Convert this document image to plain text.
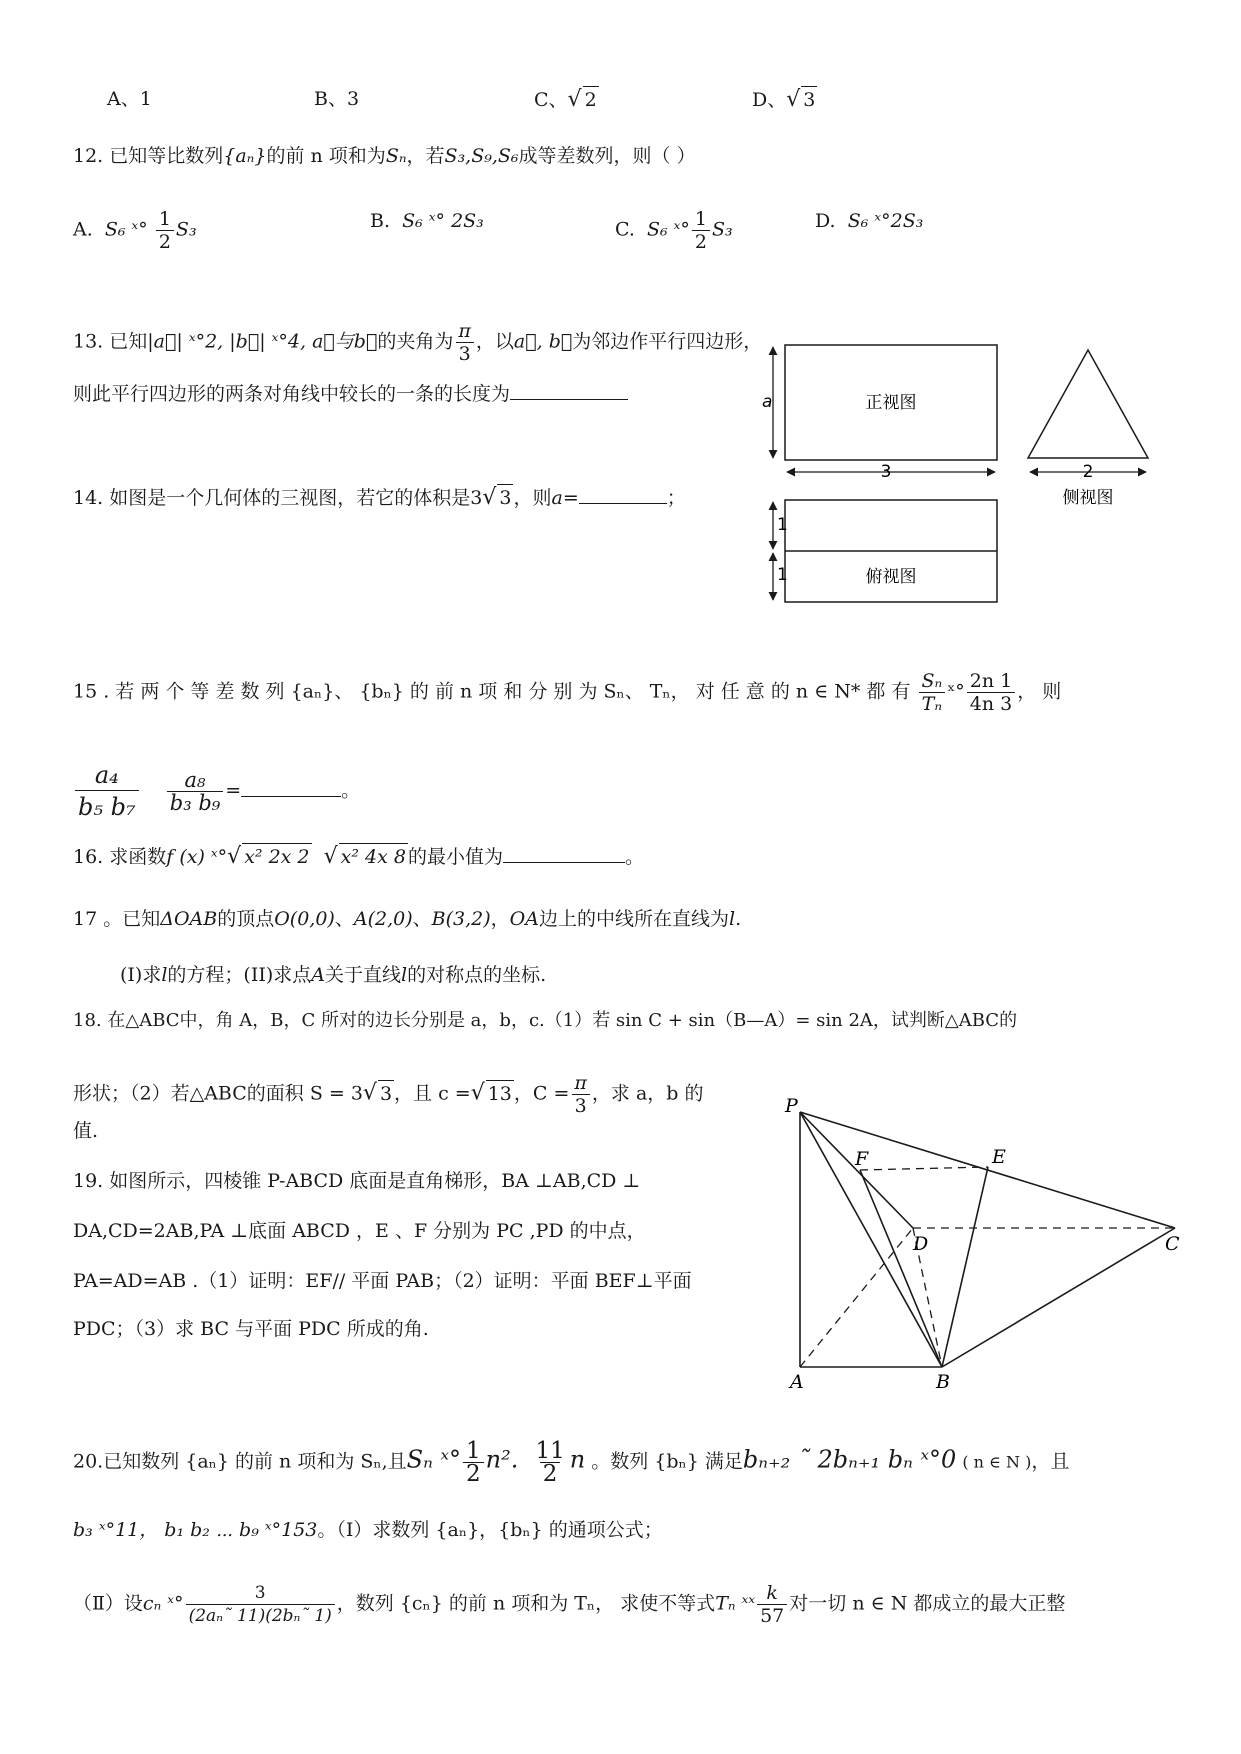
A、1	B、3	C、√ 2	D、√ 3
12. 已知等比数列{aₙ}的前 n 项和为Sₙ，若S₃,S₉,S₆成等差数列，则（ ）
A. S₆ ˣ° $\frac{1}{2} S_3$	B. S₆ ˣ° 2S₃	C. S₆ ˣ° $\frac{1}{2} S_3$	D. S₆ ˣ°2S₃
13. 已知|a⃗| ˣ°2, |b⃗| ˣ°4, a⃗与b⃗的夹角为 $\frac{\pi}{3}$ ，以a⃗, b⃗为邻边作平行四边形，
则此平行四边形的两条对角线中较长的一条的长度为
14. 如图是一个几何体的三视图，若它的体积是3√ 3 ，则a=	；
a
3
正视图
2
侧视图
1
1	俯视图
15 . 若 两 个 等 差 数 列 {aₙ}、 {bₙ} 的 前 n 项 和 分 别 为 Sₙ、 Tₙ， 对 任 意 的 n ∈ N* 都 有 $\frac{\text{Sₙ}}{\text{Tₙ}}$ ˣ° $\frac{2n 1}{4n 3}$ ， 则
$\frac{\text{a₄}}{\text{b₅ b₇}}$
$\frac{\text{a₈}}{\text{b₃ b₉}}$ =	。
16. 求函数f (x) ˣ°√ x² 2x 2 √ x² 4x 8 的最小值为	。
17 。已知ΔOAB的顶点O(0,0)、A(2,0)、B(3,2)，OA边上的中线所在直线为l.
(I)求l的方程；(II)求点A关于直线l的对称点的坐标.
18. 在△ABC中，角 A，B，C 所对的边长分别是 a，b，c.（1）若 sin C + sin（B—A）= sin 2A，试判断△ABC的
形状；（2）若△ABC的面积 S = 3√ 3 ，且 c =√ 13 ，$C = \frac{\pi}{3}$ ，求 a，b 的
值.
19. 如图所示，四棱锥 P-ABCD 底面是直角梯形，BA ⊥AB,CD ⊥
DA,CD=2AB,PA ⊥底面 ABCD ，E 、F 分别为 PC ,PD 的中点，
PA=AD=AB .（1）证明：EF// 平面 PAB；（2）证明：平面 BEF⊥平面
PDC；（3）求 BC 与平面 PDC 所成的角.
P
F	E
D	C
A	B
20.已知数列 {aₙ} 的前 n 项和为 Sₙ,且Sₙ ˣ° $\frac{1}{2} n^2$. $\frac{11}{2}$ n 。数列 {bₙ} 满足bₙ₊₂ ˜ 2bₙ₊₁ bₙ ˣ°0 ( n ∈ N )，且
b₃ ˣ°11， b₁ b₂ ⋯ b₉ ˣ°153。（Ⅰ）求数列 {aₙ}，{bₙ} 的通项公式；
（Ⅱ）设cₙ ˣ° $\frac{3}{\text{(2aₙ˜ 11)(2bₙ˜ 1)}}$ ，数列 {cₙ} 的前 n 项和为 Tₙ， 求使不等式Tₙ ˣˣ $\frac{k}{57}$ 对一切 n ∈ N 都成立的最大正整
